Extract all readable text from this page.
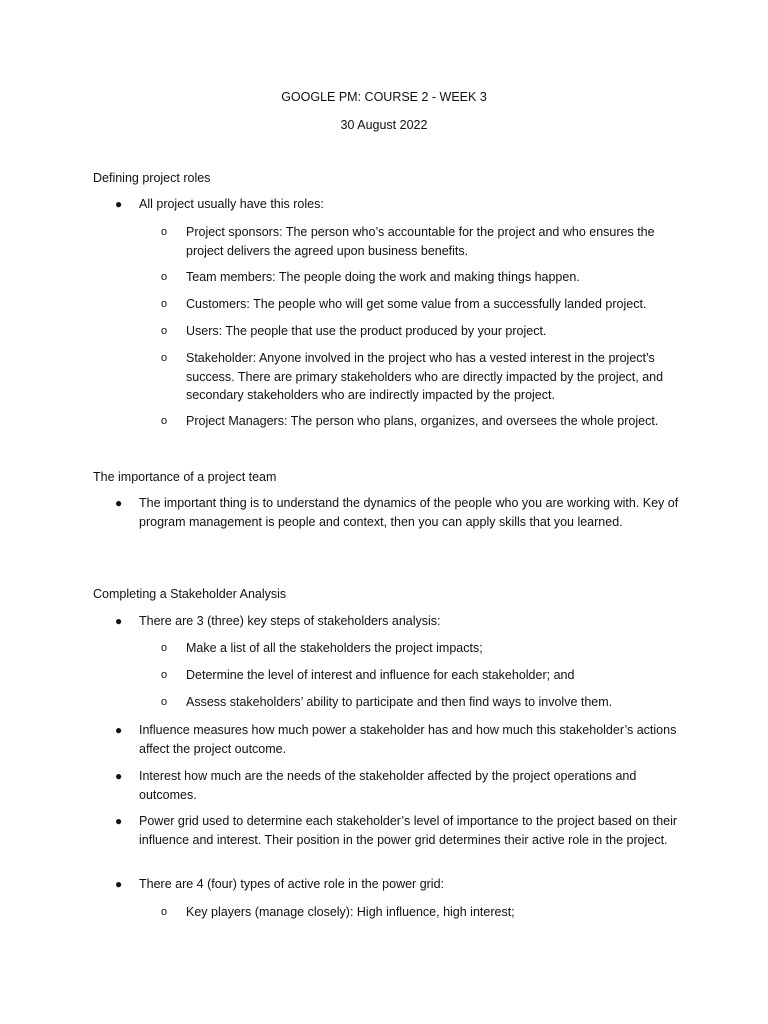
GOOGLE PM: COURSE 2 - WEEK 3
30 August 2022
Defining project roles
● All project usually have this roles:
o Project sponsors: The person who’s accountable for the project and who ensures the project delivers the agreed upon business benefits.
o Team members: The people doing the work and making things happen.
o Customers: The people who will get some value from a successfully landed project.
o Users: The people that use the product produced by your project.
o Stakeholder: Anyone involved in the project who has a vested interest in the project’s success. There are primary stakeholders who are directly impacted by the project, and secondary stakeholders who are indirectly impacted by the project.
o Project Managers: The person who plans, organizes, and oversees the whole project.
The importance of a project team
● The important thing is to understand the dynamics of the people who you are working with. Key of program management is people and context, then you can apply skills that you learned.
Completing a Stakeholder Analysis
● There are 3 (three) key steps of stakeholders analysis:
o Make a list of all the stakeholders the project impacts;
o Determine the level of interest and influence for each stakeholder; and
o Assess stakeholders’ ability to participate and then find ways to involve them.
● Influence measures how much power a stakeholder has and how much this stakeholder’s actions affect the project outcome.
● Interest how much are the needs of the stakeholder affected by the project operations and outcomes.
● Power grid used to determine each stakeholder’s level of importance to the project based on their influence and interest. Their position in the power grid determines their active role in the project.
● There are 4 (four) types of active role in the power grid:
o Key players (manage closely): High influence, high interest;
